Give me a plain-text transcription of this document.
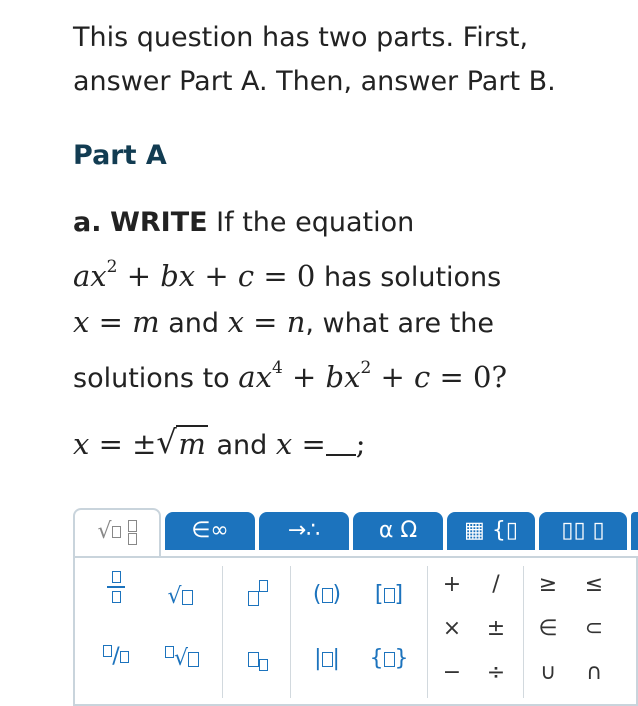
This question has two parts. First, answer Part A. Then, answer Part B.
Part A
a. WRITE If the equation
$ax^2$ + bx + c = 0 has solutions
x = m and x = n, what are the
solutions to $ax^4 + bx^2 + c = 0$?
x = ± √ m and x = ;
√	∈∞	→∴	α Ω	▦ {▯	▯▯ ▯
√
/	√
( )	[ ]
| |	{ }
+	/
× ±
− ÷
≥ ≤
∈ ⊂
∪	∩
